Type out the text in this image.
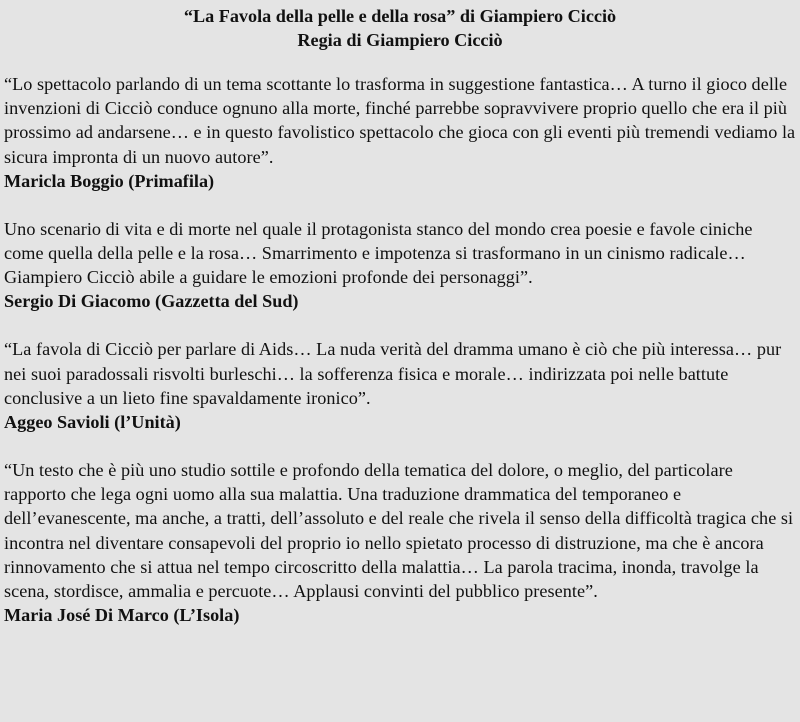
“La Favola della pelle e della rosa” di Giampiero Cicciò

Regia di Giampiero Cicciò

“Lo spettacolo parlando di un tema scottante lo trasforma in suggestione fantastica… A turno il gioco delle invenzioni di Cicciò conduce ognuno alla morte, finché parrebbe sopravvivere proprio quello che era il più prossimo ad andarsene… e in questo favolistico spettacolo che gioca con gli eventi più tremendi vediamo la sicura impronta di un nuovo autore”.

Maricla Boggio (Primafila)

Uno scenario di vita e di morte nel quale il protagonista stanco del mondo crea poesie e favole ciniche come quella della pelle e la rosa… Smarrimento e impotenza si trasformano in un cinismo radicale… Giampiero Cicciò abile a guidare le emozioni profonde dei personaggi”.

Sergio Di Giacomo (Gazzetta del Sud)

“La favola di Cicciò per parlare di Aids… La nuda verità del dramma umano è ciò che più interessa… pur nei suoi paradossali risvolti burleschi… la sofferenza fisica e morale… indirizzata poi nelle battute conclusive a un lieto fine spavaldamente ironico”.

Aggeo Savioli (l’Unità)

“Un testo che è più uno studio sottile e profondo della tematica del dolore, o meglio, del particolare rapporto che lega ogni uomo alla sua malattia. Una traduzione drammatica del temporaneo e dell’evanescente, ma anche, a tratti, dell’assoluto e del reale che rivela il senso della difficoltà tragica che si incontra nel diventare consapevoli del proprio io nello spietato processo di distruzione, ma che è ancora rinnovamento che si attua nel tempo circoscritto della malattia… La parola tracima, inonda, travolge la scena, stordisce, ammalia e percuote… Applausi convinti del pubblico presente”.

Maria José Di Marco (L’Isola)
